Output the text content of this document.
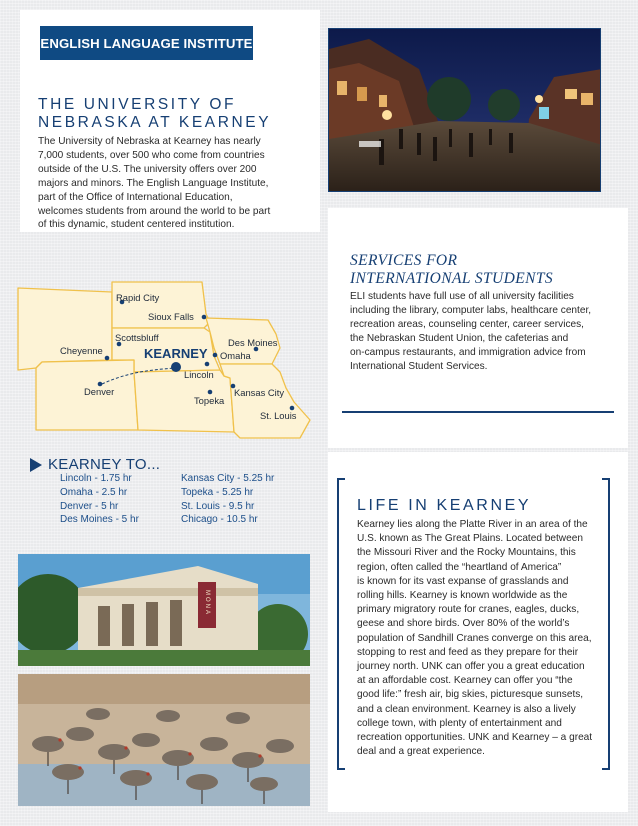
ENGLISH LANGUAGE INSTITUTE
THE UNIVERSITY OF
NEBRASKA AT KEARNEY
The University of Nebraska at Kearney has nearly
7,000 students, over 500 who come from countries
outside of the U.S. The university offers over 200
majors and minors. The English Language Institute,
part of the Office of International Education,
welcomes students from around the world to be part
of this dynamic, student centered institution.
Rapid City
Sioux Falls
Scottsbluff	Des Moines
Cheyenne	Omaha
Lincoln
Denver	Kansas City
Topeka
St. Louis
KEARNEY
SERVICES FOR
INTERNATIONAL STUDENTS
ELI students have full use of all university facilities
including the library, computer labs, healthcare center,
recreation areas, counseling center, career services,
the Nebraskan Student Union, the cafeterias and
on-campus restaurants, and immigration advice from
International Student Services.
KEARNEY TO...
Lincoln - 1.75 hr
Omaha - 2.5 hr
Denver - 5 hr
Des Moines - 5 hr
Kansas City - 5.25 hr
Topeka - 5.25 hr
St. Louis - 9.5 hr
Chicago - 10.5 hr
MONA
LIFE IN KEARNEY
Kearney lies along the Platte River in an area of the
U.S. known as The Great Plains. Located between
the Missouri River and the Rocky Mountains, this
region, often called the “heartland of America”
is known for its vast expanse of grasslands and
rolling hills. Kearney is known worldwide as the
primary migratory route for cranes, eagles, ducks,
geese and shore birds. Over 80% of the world’s
population of Sandhill Cranes converge on this area,
stopping to rest and feed as they prepare for their
journey north. UNK can offer you a great education
at an affordable cost. Kearney can offer you “the
good life:” fresh air, big skies, picturesque sunsets,
and a clean environment. Kearney is also a lively
college town, with plenty of entertainment and
recreation opportunities. UNK and Kearney – a great
deal and a great experience.
